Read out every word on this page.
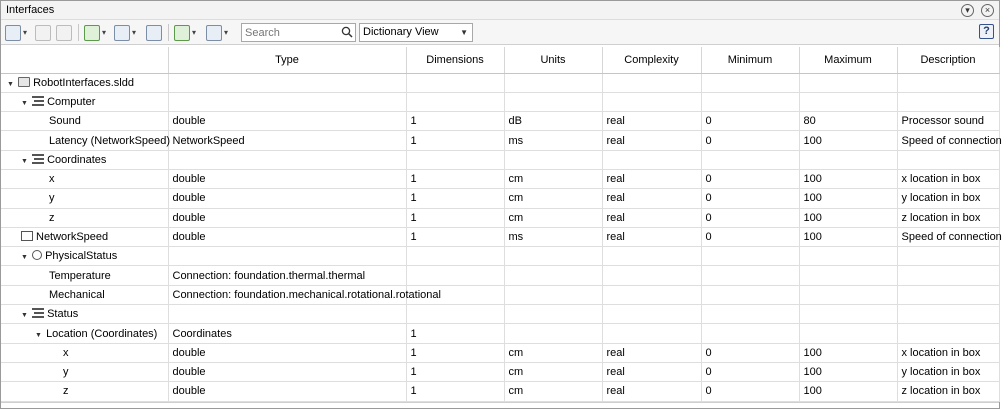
Interfaces	▾	×
▾	▾	▾	▾	▾
Search	Dictionary View	▼	?
	Type	Dimensions	Units	Complexity	Minimum	Maximum	Description
▼ RobotInterfaces.sldd							
▼ Computer							
Sound	double	1	dB	real	0	80	Processor sound
Latency (NetworkSpeed)	NetworkSpeed	1	ms	real	0	100	Speed of connection
▼ Coordinates							
x	double	1	cm	real	0	100	x location in box
y	double	1	cm	real	0	100	y location in box
z	double	1	cm	real	0	100	z location in box
NetworkSpeed	double	1	ms	real	0	100	Speed of connection
▼ PhysicalStatus							
Temperature	Connection: foundation.thermal.thermal						
Mechanical	Connection: foundation.mechanical.rotational.rotational						
▼ Status							
▼ Location (Coordinates)	Coordinates	1					
x	double	1	cm	real	0	100	x location in box
y	double	1	cm	real	0	100	y location in box
z	double	1	cm	real	0	100	z location in box
